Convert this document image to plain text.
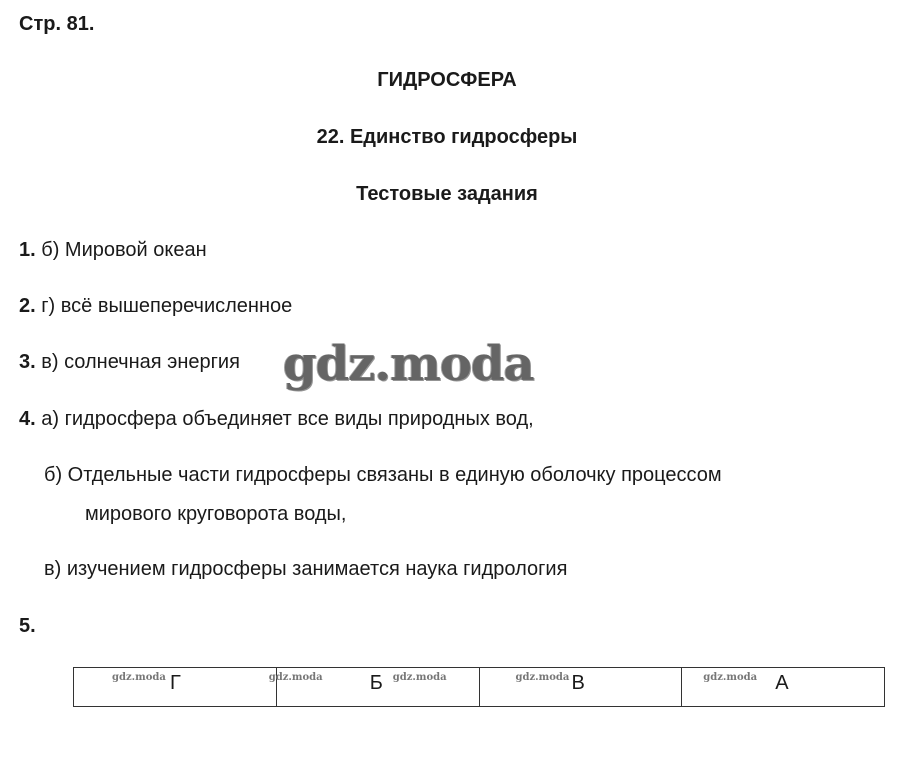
Стр. 81.
ГИДРОСФЕРА
22. Единство гидросферы
Тестовые задания
1. б) Мировой океан
2. г) всё вышеперечисленное
3. в) солнечная энергия gdz.moda
4. а) гидросфера объединяет все виды природных вод,
б) Отдельные части гидросферы связаны в единую оболочку процессом
мирового круговорота воды,
в) изучением гидросферы занимается наука гидрология
5.
gdz.moda Г	gdz.moda Б gdz.moda	gdz.moda В	gdz.moda А
